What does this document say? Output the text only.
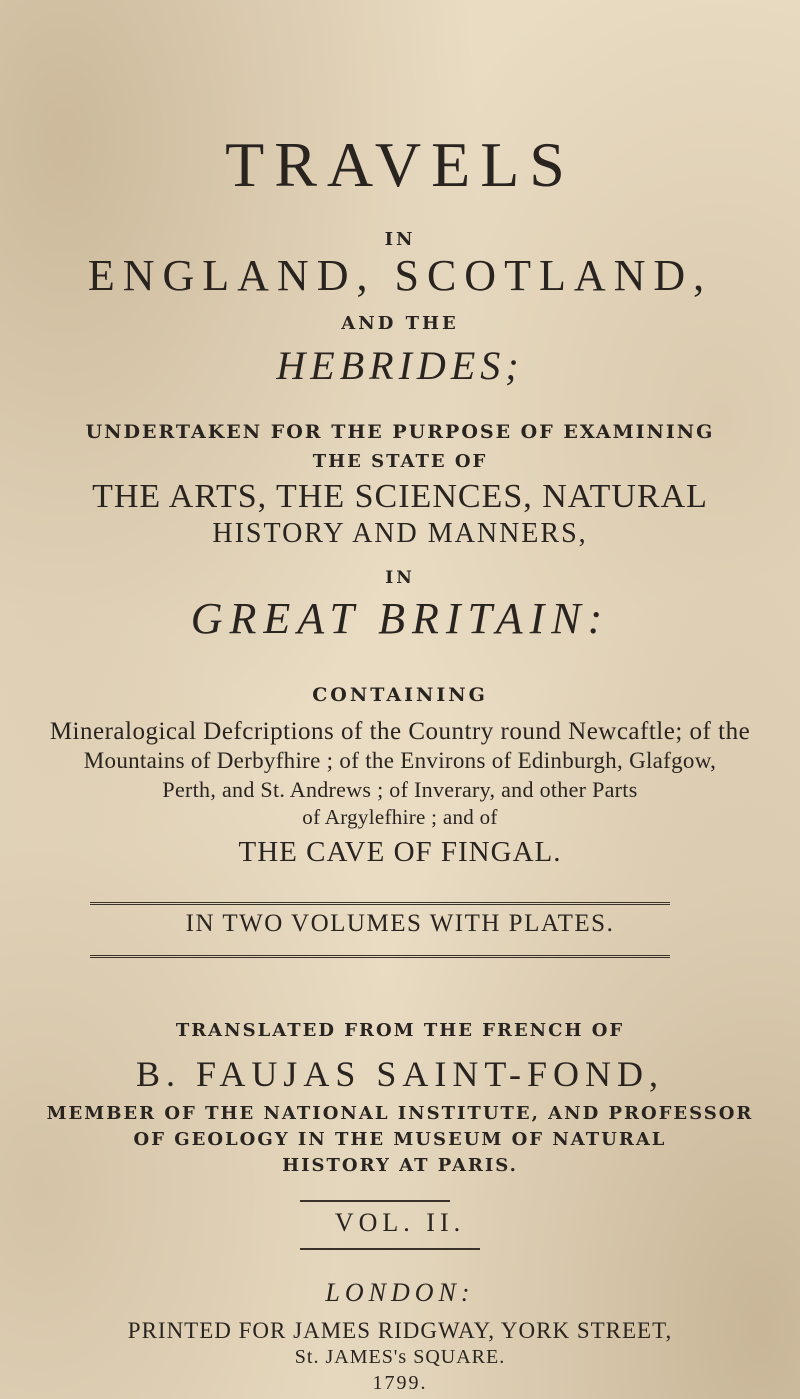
TRAVELS
IN
ENGLAND, SCOTLAND,
AND THE
HEBRIDES;
UNDERTAKEN FOR THE PURPOSE OF EXAMINING
THE STATE OF
THE ARTS, THE SCIENCES, NATURAL
HISTORY AND MANNERS,
IN
GREAT BRITAIN:
CONTAINING
Mineralogical Defcriptions of the Country round Newcaftle; of the
Mountains of Derbyfhire ; of the Environs of Edinburgh, Glafgow,
Perth, and St. Andrews ; of Inverary, and other Parts
of Argylefhire ; and of
THE CAVE OF FINGAL.
IN TWO VOLUMES WITH PLATES.
TRANSLATED FROM THE FRENCH OF
B. FAUJAS SAINT-FOND,
MEMBER OF THE NATIONAL INSTITUTE, AND PROFESSOR
OF GEOLOGY IN THE MUSEUM OF NATURAL
HISTORY AT PARIS.
VOL. II.
LONDON:
PRINTED FOR JAMES RIDGWAY, YORK STREET,
St. JAMES's SQUARE.
1799.
